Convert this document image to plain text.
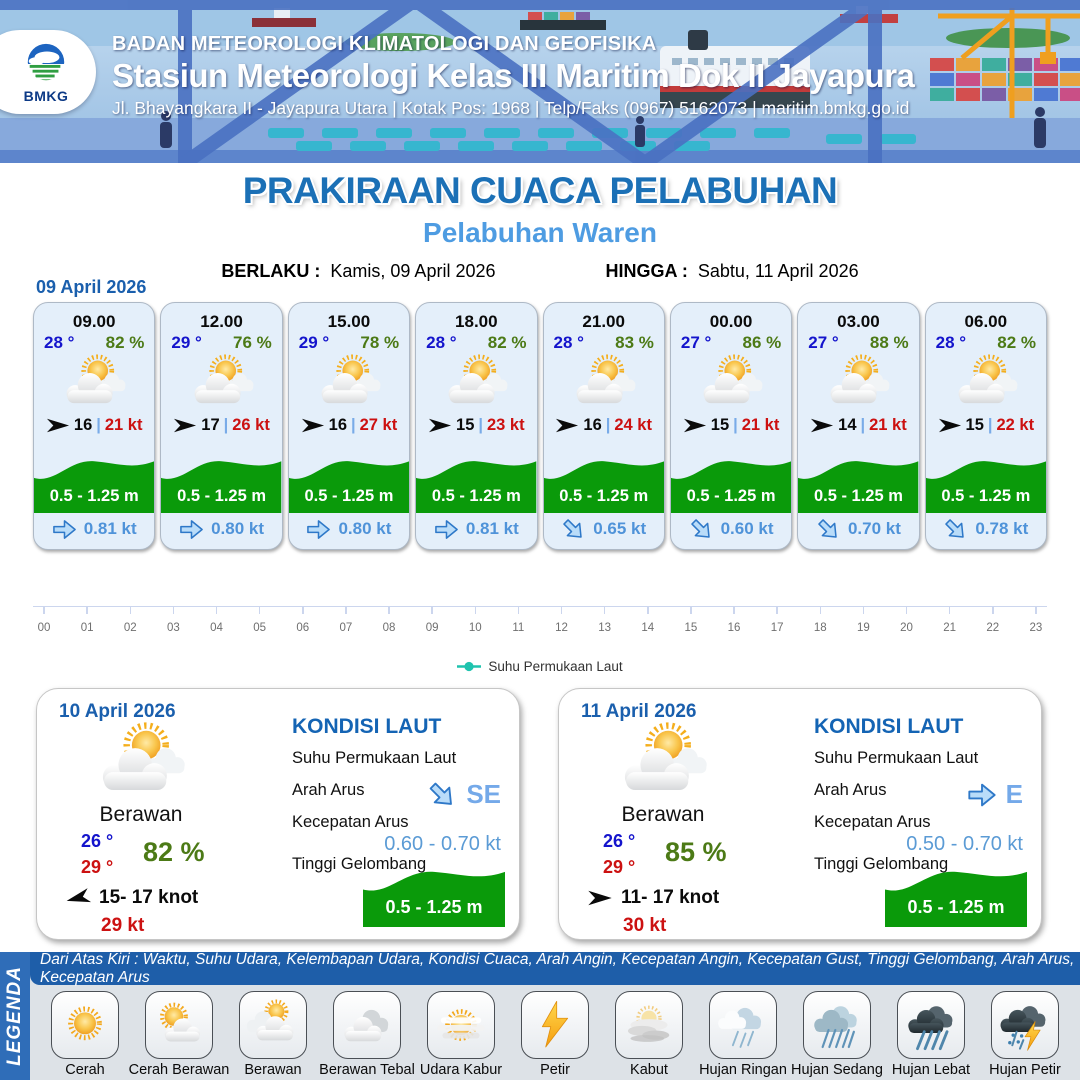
BMKG
BADAN METEOROLOGI KLIMATOLOGI DAN GEOFISIKA
Stasiun Meteorologi Kelas III Maritim Dok II Jayapura
Jl. Bhayangkara II - Jayapura Utara | Kotak Pos: 1968 | Telp/Faks (0967) 5162073 | maritim.bmkg.go.id
PRAKIRAAN CUACA PELABUHAN
Pelabuhan Waren
BERLAKU : Kamis, 09 April 2026	HINGGA : Sabtu, 11 April 2026
09 April 2026
09.00
28 ° 82 %
16 | 21 kt
0.5 - 1.25 m
0.81 kt
12.00
29 ° 76 %
17 | 26 kt
0.5 - 1.25 m
0.80 kt
15.00
29 ° 78 %
16 | 27 kt
0.5 - 1.25 m
0.80 kt
18.00
28 ° 82 %
15 | 23 kt
0.5 - 1.25 m
0.81 kt
21.00
28 ° 83 %
16 | 24 kt
0.5 - 1.25 m
0.65 kt
00.00
27 ° 86 %
15 | 21 kt
0.5 - 1.25 m
0.60 kt
03.00
27 ° 88 %
14 | 21 kt
0.5 - 1.25 m
0.70 kt
06.00
28 ° 82 %
15 | 22 kt
0.5 - 1.25 m
0.78 kt
00	01	02	03	04	05	06	07	08	09	10	11	12	13	14	15	16	17	18	19	20	21	22	23
Suhu Permukaan Laut
10 April 2026
Berawan
26 °
29 ° 82 %
15- 17 knot
29 kt
KONDISI LAUT
Suhu Permukaan Laut
Arah Arus	SE
Kecepatan Arus
0.60 - 0.70 kt
Tinggi Gelombang
0.5 - 1.25 m
11 April 2026
Berawan
26 °
29 ° 85 %
11- 17 knot
30 kt
KONDISI LAUT
Suhu Permukaan Laut
Arah Arus	E
Kecepatan Arus
0.50 - 0.70 kt
Tinggi Gelombang
0.5 - 1.25 m
LEGENDA
Dari Atas Kiri : Waktu, Suhu Udara, Kelembapan Udara, Kondisi Cuaca, Arah Angin, Kecepatan Angin, Kecepatan Gust, Tinggi Gelombang, Arah Arus, Kecepatan Arus
Cerah Cerah Berawan Berawan Berawan Tebal Udara Kabur	Petir	Kabut Hujan Ringan Hujan Sedang Hujan Lebat Hujan Petir
